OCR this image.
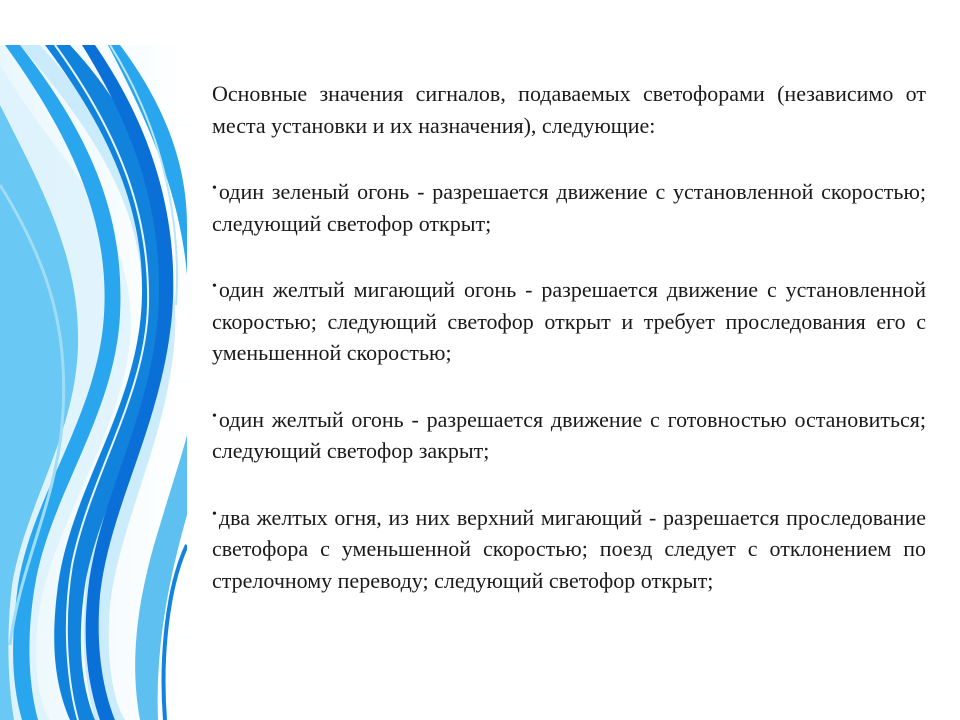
Основные значения сигналов, подаваемых светофорами (независимо от места установки и их назначения), следующие:

•один зеленый огонь - разрешается движение с установленной скоростью; следующий светофор открыт;
•один желтый мигающий огонь - разрешается движение с установленной скоростью; следующий светофор открыт и требует проследования его с уменьшенной скоростью;
•один желтый огонь - разрешается движение с готовностью остановиться; следующий светофор закрыт;
•два желтых огня, из них верхний мигающий - разрешается проследование светофора с уменьшенной скоростью; поезд следует с отклонением по стрелочному переводу; следующий светофор открыт;
